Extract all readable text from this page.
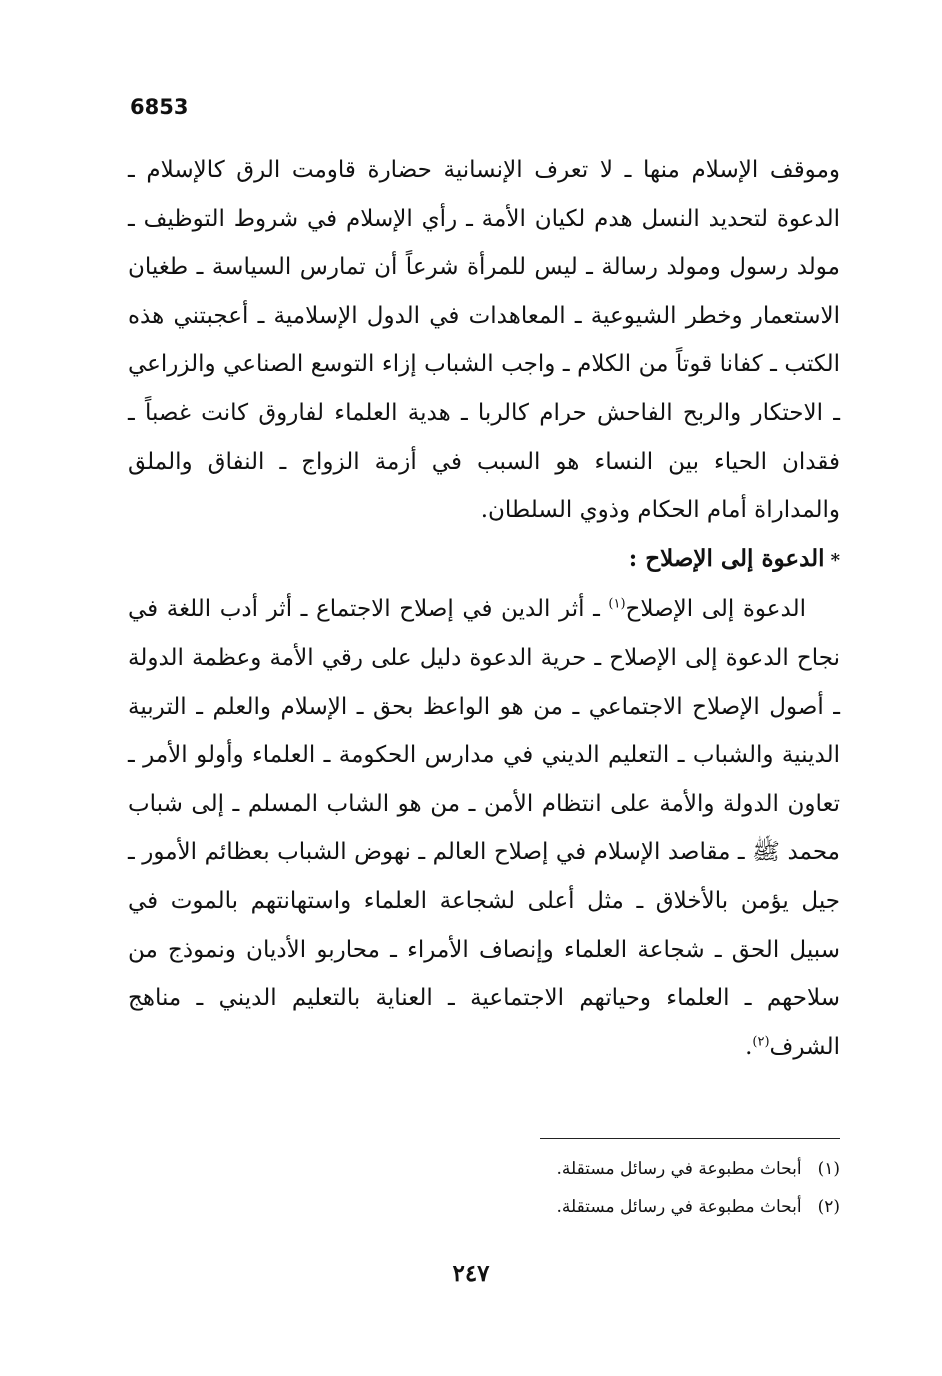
6853

وموقف الإسلام منها ـ لا تعرف الإنسانية حضارة قاومت الرق كالإسلام ـ الدعوة لتحديد النسل هدم لكيان الأمة ـ رأي الإسلام في شروط التوظيف ـ مولد رسول ومولد رسالة ـ ليس للمرأة شرعاً أن تمارس السياسة ـ طغيان الاستعمار وخطر الشيوعية ـ المعاهدات في الدول الإسلامية ـ أعجبتني هذه الكتب ـ كفانا قوتاً من الكلام ـ واجب الشباب إزاء التوسع الصناعي والزراعي ـ الاحتكار والربح الفاحش حرام كالربا ـ هدية العلماء لفاروق كانت غصباً ـ فقدان الحياء بين النساء هو السبب في أزمة الزواج ـ النفاق والملق والمداراة أمام الحكام وذوي السلطان.

*الدعوة إلى الإصلاح :

الدعوة إلى الإصلاح$^{(١)}$ ـ أثر الدين في إصلاح الاجتماع ـ أثر أدب اللغة في نجاح الدعوة إلى الإصلاح ـ حرية الدعوة دليل على رقي الأمة وعظمة الدولة ـ أصول الإصلاح الاجتماعي ـ من هو الواعظ بحق ـ الإسلام والعلم ـ التربية الدينية والشباب ـ التعليم الديني في مدارس الحكومة ـ العلماء وأولو الأمر ـ تعاون الدولة والأمة على انتظام الأمن ـ من هو الشاب المسلم ـ إلى شباب محمد ﷺ ـ مقاصد الإسلام في إصلاح العالم ـ نهوض الشباب بعظائم الأمور ـ جيل يؤمن بالأخلاق ـ مثل أعلى لشجاعة العلماء واستهانتهم بالموت في سبيل الحق ـ شجاعة العلماء وإنصاف الأمراء ـ محاربو الأديان ونموذج من سلاحهم ـ العلماء وحياتهم الاجتماعية ـ العناية بالتعليم الديني ـ مناهج الشرف$^{(٢)}$.

(١)أبحاث مطبوعة في رسائل مستقلة.

(٢)أبحاث مطبوعة في رسائل مستقلة.

٢٤٧
